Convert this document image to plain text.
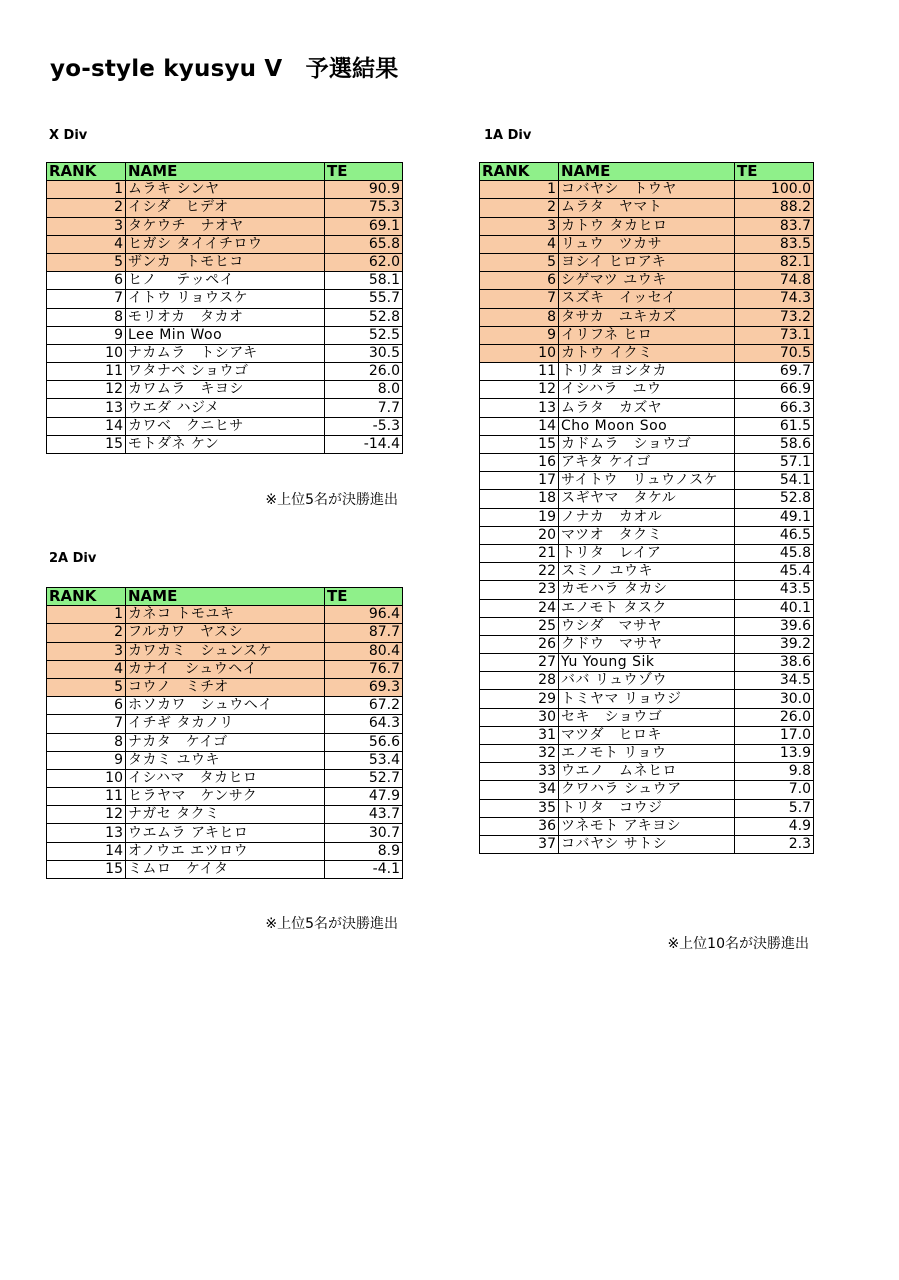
yo-style kyusyu Ⅴ　予選結果
X Div
RANK	NAME	TE
1	ムラキ シンヤ	90.9
2	イシダ　ヒデオ	75.3
3	タケウチ　ナオヤ	69.1
4	ヒガシ タイイチロウ	65.8
5	ザンカ　トモヒコ	62.0
6	ヒノ　 テッペイ	58.1
7	イトウ リョウスケ	55.7
8	モリオカ　タカオ	52.8
9	Lee Min Woo	52.5
10	ナカムラ　トシアキ	30.5
11	ワタナベ ショウゴ	26.0
12	カワムラ　キヨシ	8.0
13	ウエダ ハジメ	7.7
14	カワベ　クニヒサ	-5.3
15	モトダネ ケン	-14.4
※上位5名が決勝進出
2A Div
RANK	NAME	TE
1	カネコ トモユキ	96.4
2	フルカワ　ヤスシ	87.7
3	カワカミ　シュンスケ	80.4
4	カナイ　シュウヘイ	76.7
5	コウノ　ミチオ	69.3
6	ホソカワ　シュウヘイ	67.2
7	イチギ タカノリ	64.3
8	ナカタ　ケイゴ	56.6
9	タカミ ユウキ	53.4
10	イシハマ　タカヒロ	52.7
11	ヒラヤマ　ケンサク	47.9
12	ナガセ タクミ	43.7
13	ウエムラ アキヒロ	30.7
14	オノウエ エツロウ	8.9
15	ミムロ　ケイタ	-4.1
※上位5名が決勝進出
1A Div
RANK	NAME	TE
1	コバヤシ　トウヤ	100.0
2	ムラタ　ヤマト	88.2
3	カトウ タカヒロ	83.7
4	リュウ　ツカサ	83.5
5	ヨシイ ヒロアキ	82.1
6	シゲマツ ユウキ	74.8
7	スズキ　イッセイ	74.3
8	タサカ　ユキカズ	73.2
9	イリフネ ヒロ	73.1
10	カトウ イクミ	70.5
11	トリタ ヨシタカ	69.7
12	イシハラ　ユウ	66.9
13	ムラタ　カズヤ	66.3
14	Cho Moon Soo	61.5
15	カドムラ　ショウゴ	58.6
16	アキタ ケイゴ	57.1
17	サイトウ　リュウノスケ	54.1
18	スギヤマ　タケル	52.8
19	ノナカ　カオル	49.1
20	マツオ　タクミ	46.5
21	トリタ　レイア	45.8
22	スミノ ユウキ	45.4
23	カモハラ タカシ	43.5
24	エノモト タスク	40.1
25	ウシダ　マサヤ	39.6
26	クドウ　マサヤ	39.2
27	Yu Young Sik	38.6
28	ババ リュウゾウ	34.5
29	トミヤマ リョウジ	30.0
30	セキ　ショウゴ	26.0
31	マツダ　ヒロキ	17.0
32	エノモト リョウ	13.9
33	ウエノ　ムネヒロ	9.8
34	クワハラ シュウア	7.0
35	トリタ　コウジ	5.7
36	ツネモト アキヨシ	4.9
37	コバヤシ サトシ	2.3
※上位10名が決勝進出
